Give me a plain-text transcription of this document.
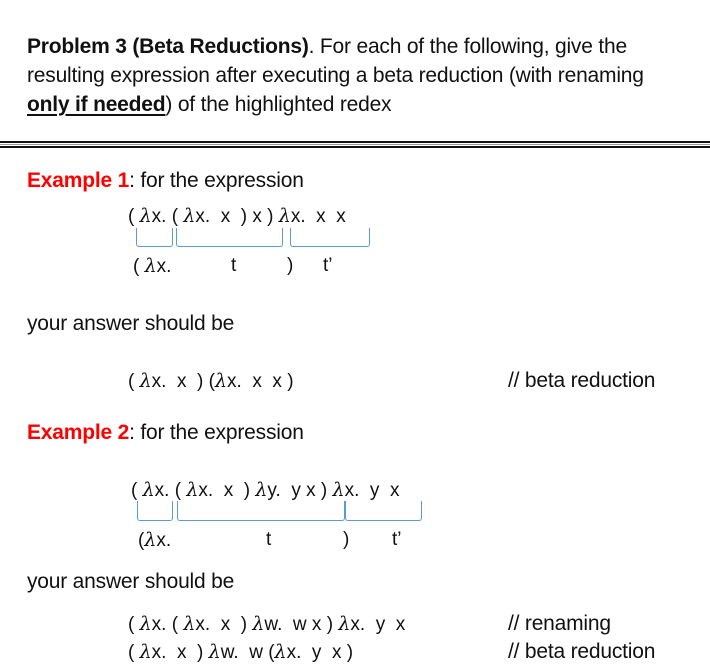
Problem 3 (Beta Reductions). For each of the following, give the
resulting expression after executing a beta reduction (with renaming
only if needed) of the highlighted redex
Example 1: for the expression
( λx. ( λx.  x  ) x ) λx.  x  x
( λx.	t	) t’
your answer should be
( λx.  x  ) (λx.  x  x )	// beta reduction
Example 2: for the expression
( λx. ( λx.  x  ) λy.  y x ) λx.  y  x
(λx.	t	) t’
your answer should be
( λx. ( λx.  x  ) λw.  w x ) λx.  y  x	// renaming
( λx.  x  ) λw.  w (λx.  y  x )	// beta reduction
